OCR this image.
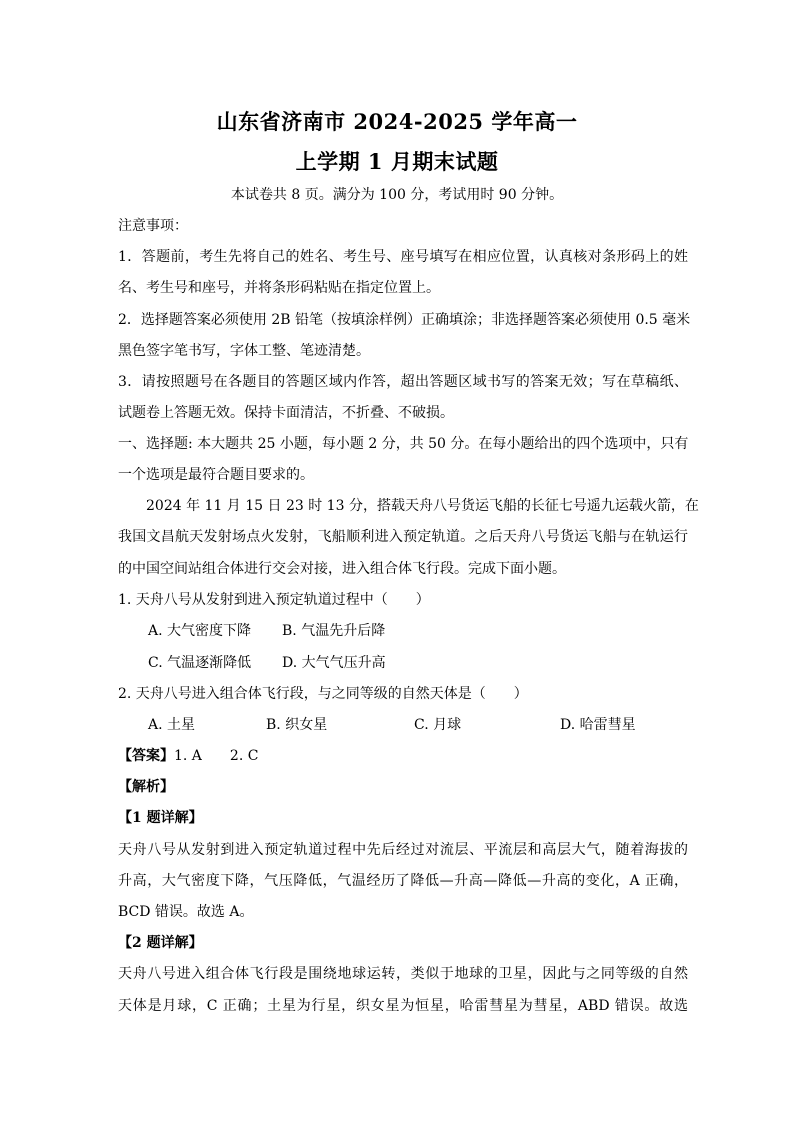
山东省济南市 2024-2025 学年高一
上学期 1 月期末试题
本试卷共 8 页。满分为 100 分，考试用时 90 分钟。
注意事项：
1．答题前，考生先将自己的姓名、考生号、座号填写在相应位置，认真核对条形码上的姓
名、考生号和座号，并将条形码粘贴在指定位置上。
2．选择题答案必须使用 2B 铅笔（按填涂样例）正确填涂；非选择题答案必须使用 0.5 毫米
黑色签字笔书写，字体工整、笔迹清楚。
3．请按照题号在各题目的答题区域内作答，超出答题区域书写的答案无效；写在草稿纸、
试题卷上答题无效。保持卡面清洁，不折叠、不破损。
一、选择题: 本大题共 25 小题，每小题 2 分，共 50 分。在每小题给出的四个选项中，只有
一个选项是最符合题目要求的。
2024 年 11 月 15 日 23 时 13 分，搭载天舟八号货运飞船的长征七号遥九运载火箭，在
我国文昌航天发射场点火发射，飞船顺利进入预定轨道。之后天舟八号货运飞船与在轨运行
的中国空间站组合体进行交会对接，进入组合体飞行段。完成下面小题。
1. 天舟八号从发射到进入预定轨道过程中（　　）
A. 大气密度下降 B. 气温先升后降
C. 气温逐渐降低 D. 大气气压升高
2. 天舟八号进入组合体飞行段，与之同等级的自然天体是（　　）
A. 土星	B. 织女星	C. 月球	D. 哈雷彗星
【答案】1. A　　2. C
【解析】
【1 题详解】
天舟八号从发射到进入预定轨道过程中先后经过对流层、平流层和高层大气，随着海拔的
升高，大气密度下降，气压降低，气温经历了降低—升高—降低—升高的变化，A 正确，
BCD 错误。故选 A。
【2 题详解】
天舟八号进入组合体飞行段是围绕地球运转，类似于地球的卫星，因此与之同等级的自然
天体是月球，C 正确；土星为行星，织女星为恒星，哈雷彗星为彗星，ABD 错误。故选
